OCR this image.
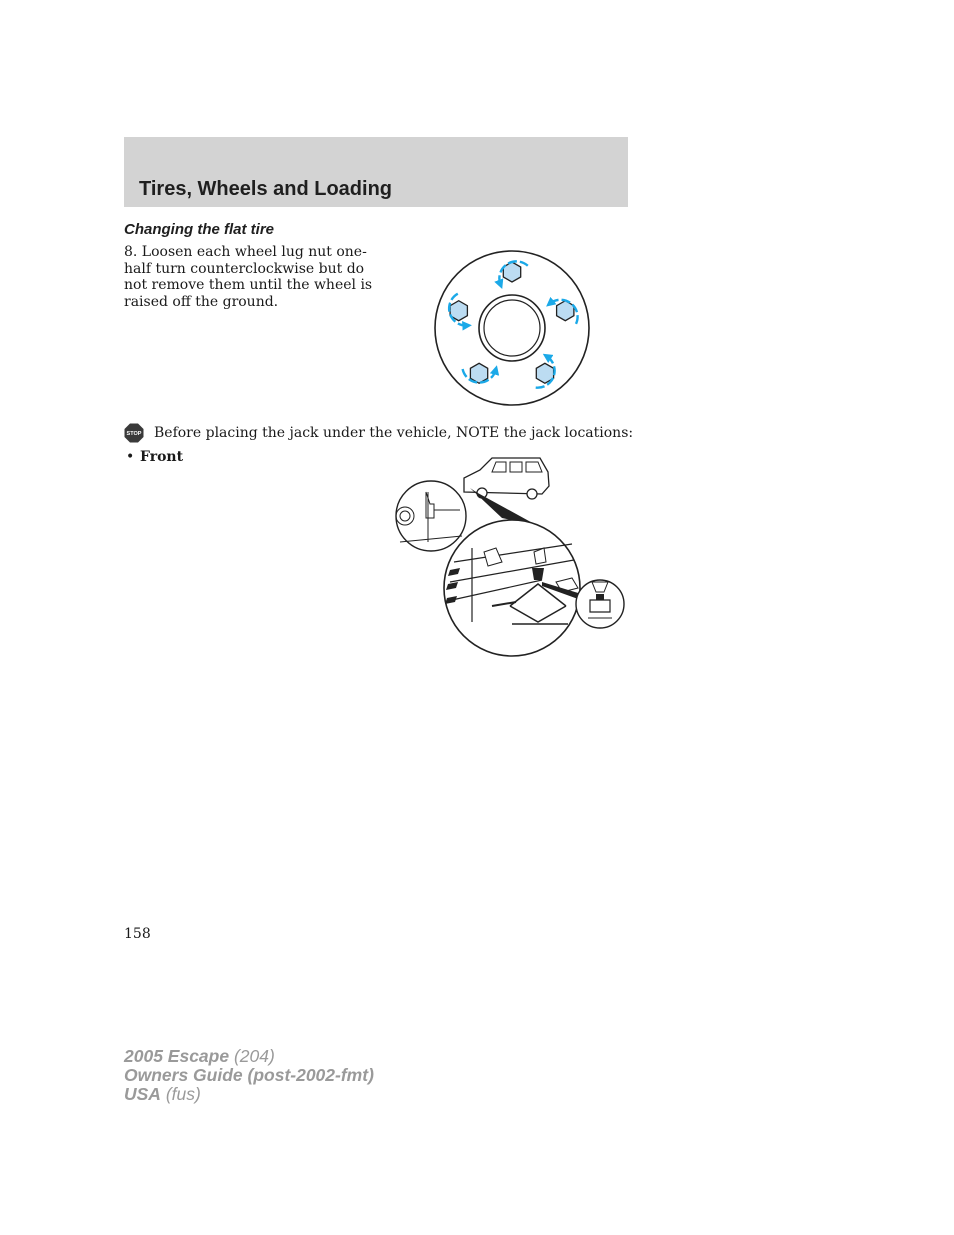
Tires, Wheels and Loading
Changing the flat tire

8. Loosen each wheel lug nut one-half turn counterclockwise but do not remove them until the wheel is raised off the ground.

STOP Before placing the jack under the vehicle, NOTE the jack locations:
• Front
158
2005 Escape (204)
Owners Guide (post-2002-fmt)
USA (fus)
